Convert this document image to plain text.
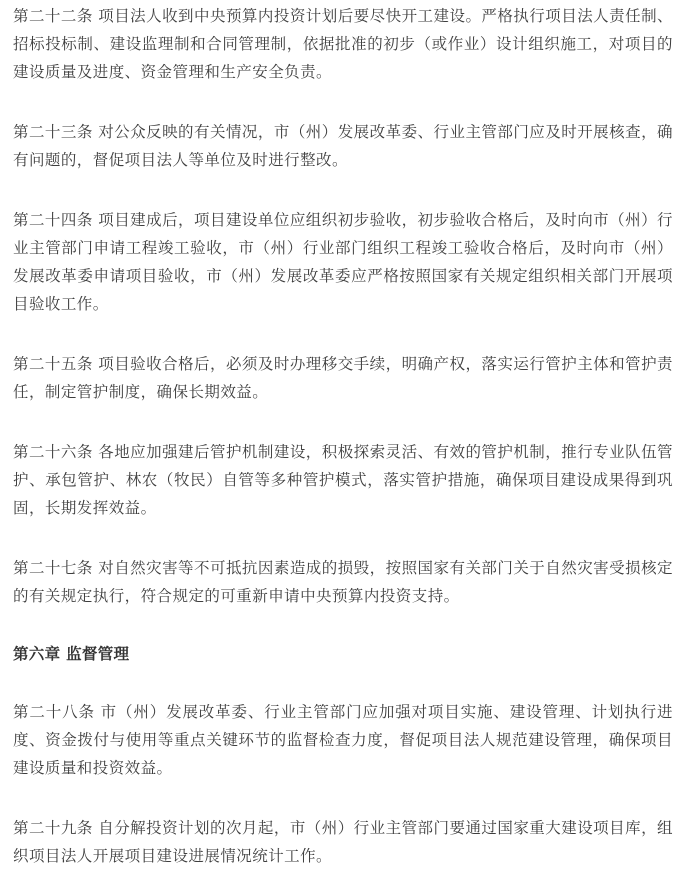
第二十二条 项目法人收到中央预算内投资计划后要尽快开工建设。严格执行项目法人责任制、招标投标制、建设监理制和合同管理制，依据批准的初步（或作业）设计组织施工，对项目的建设质量及进度、资金管理和生产安全负责。

第二十三条 对公众反映的有关情况，市（州）发展改革委、行业主管部门应及时开展核查，确有问题的，督促项目法人等单位及时进行整改。

第二十四条 项目建成后，项目建设单位应组织初步验收，初步验收合格后，及时向市（州）行业主管部门申请工程竣工验收，市（州）行业部门组织工程竣工验收合格后，及时向市（州）发展改革委申请项目验收，市（州）发展改革委应严格按照国家有关规定组织相关部门开展项目验收工作。

第二十五条 项目验收合格后，必须及时办理移交手续，明确产权，落实运行管护主体和管护责任，制定管护制度，确保长期效益。

第二十六条 各地应加强建后管护机制建设，积极探索灵活、有效的管护机制，推行专业队伍管护、承包管护、林农（牧民）自管等多种管护模式，落实管护措施，确保项目建设成果得到巩固，长期发挥效益。

第二十七条 对自然灾害等不可抵抗因素造成的损毁，按照国家有关部门关于自然灾害受损核定的有关规定执行，符合规定的可重新申请中央预算内投资支持。

第六章 监督管理

第二十八条 市（州）发展改革委、行业主管部门应加强对项目实施、建设管理、计划执行进度、资金拨付与使用等重点关键环节的监督检查力度，督促项目法人规范建设管理，确保项目建设质量和投资效益。

第二十九条 自分解投资计划的次月起，市（州）行业主管部门要通过国家重大建设项目库，组织项目法人开展项目建设进展情况统计工作。
